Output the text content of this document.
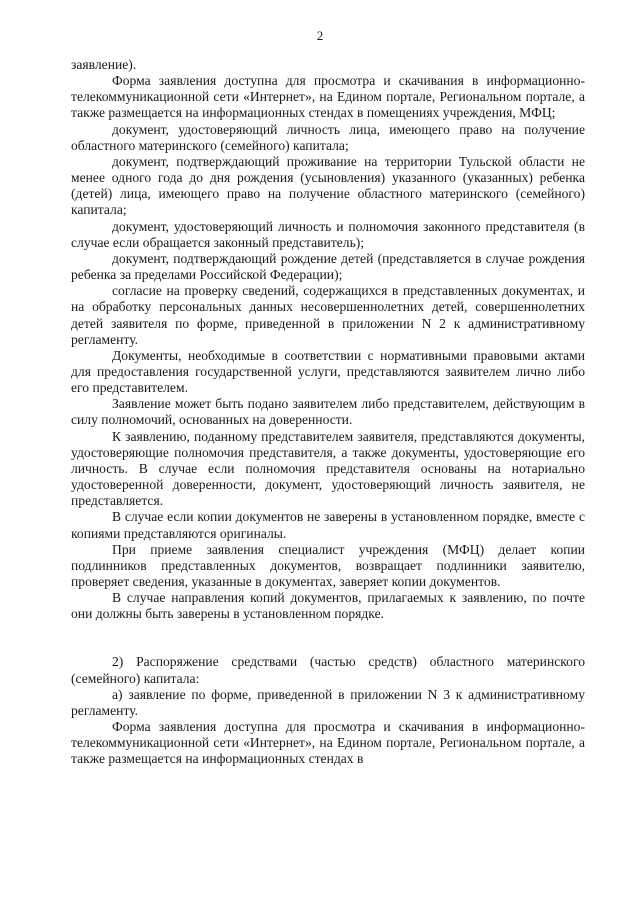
2

заявление).

Форма заявления доступна для просмотра и скачивания в информационно-телекоммуникационной сети «Интернет», на Едином портале, Региональном портале, а также размещается на информационных стендах в помещениях учреждения, МФЦ;

документ, удостоверяющий личность лица, имеющего право на получение областного материнского (семейного) капитала;

документ, подтверждающий проживание на территории Тульской области не менее одного года до дня рождения (усыновления) указанного (указанных) ребенка (детей) лица, имеющего право на получение областного материнского (семейного) капитала;

документ, удостоверяющий личность и полномочия законного представителя (в случае если обращается законный представитель);

документ, подтверждающий рождение детей (представляется в случае рождения ребенка за пределами Российской Федерации);

согласие на проверку сведений, содержащихся в представленных документах, и на обработку персональных данных несовершеннолетних детей, совершеннолетних детей заявителя по форме, приведенной в приложении N 2 к административному регламенту.

Документы, необходимые в соответствии с нормативными правовыми актами для предоставления государственной услуги, представляются заявителем лично либо его представителем.

Заявление может быть подано заявителем либо представителем, действующим в силу полномочий, основанных на доверенности.

К заявлению, поданному представителем заявителя, представляются документы, удостоверяющие полномочия представителя, а также документы, удостоверяющие его личность. В случае если полномочия представителя основаны на нотариально удостоверенной доверенности, документ, удостоверяющий личность заявителя, не представляется.

В случае если копии документов не заверены в установленном порядке, вместе с копиями представляются оригиналы.

При приеме заявления специалист учреждения (МФЦ) делает копии подлинников представленных документов, возвращает подлинники заявителю, проверяет сведения, указанные в документах, заверяет копии документов.

В случае направления копий документов, прилагаемых к заявлению, по почте они должны быть заверены в установленном порядке.

2) Распоряжение средствами (частью средств) областного материнского (семейного) капитала:

а) заявление по форме, приведенной в приложении N 3 к административному регламенту.

Форма заявления доступна для просмотра и скачивания в информационно-телекоммуникационной сети «Интернет», на Едином портале, Региональном портале, а также размещается на информационных стендах в
